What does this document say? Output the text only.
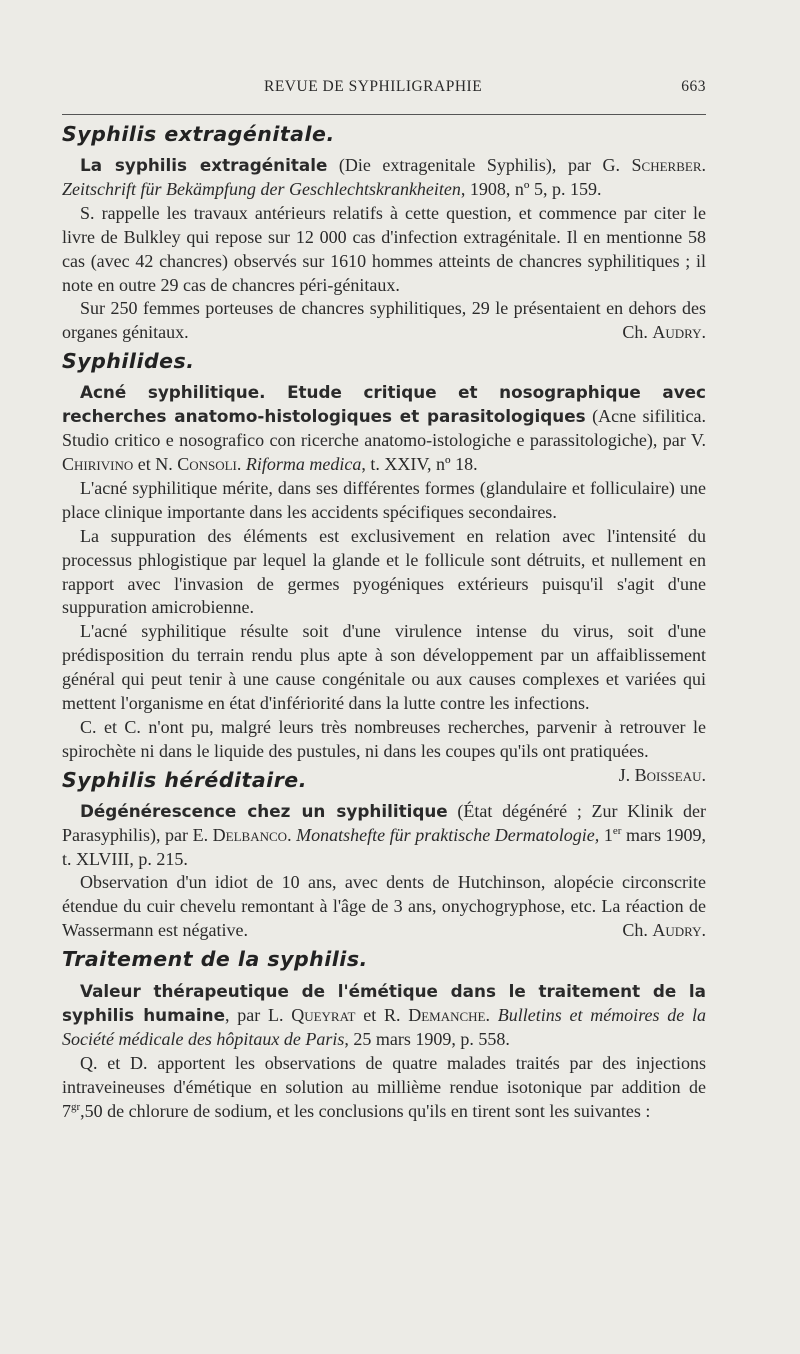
REVUE DE SYPHILIGRAPHIE	663
Syphilis extragénitale.

La syphilis extragénitale (Die extragenitale Syphilis), par G. Scherber. Zeitschrift für Bekämpfung der Geschlechtskrankheiten, 1908, nº 5, p. 159.

S. rappelle les travaux antérieurs relatifs à cette question, et commence par citer le livre de Bulkley qui repose sur 12 000 cas d'infection extragénitale. Il en mentionne 58 cas (avec 42 chancres) observés sur 1610 hommes atteints de chancres syphilitiques ; il note en outre 29 cas de chancres péri-génitaux.

Sur 250 femmes porteuses de chancres syphilitiques, 29 le présentaient en dehors des organes génitaux.	Ch. Audry.

Syphilides.

Acné syphilitique. Etude critique et nosographique avec recherches anatomo-histologiques et parasitologiques (Acne sifilitica. Studio critico e nosografico con ricerche anatomo-istologiche e parassitologiche), par V. Chirivino et N. Consoli. Riforma medica, t. XXIV, nº 18.

L'acné syphilitique mérite, dans ses différentes formes (glandulaire et folliculaire) une place clinique importante dans les accidents spécifiques secondaires.

La suppuration des éléments est exclusivement en relation avec l'intensité du processus phlogistique par lequel la glande et le follicule sont détruits, et nullement en rapport avec l'invasion de germes pyogéniques extérieurs puisqu'il s'agit d'une suppuration amicrobienne.

L'acné syphilitique résulte soit d'une virulence intense du virus, soit d'une prédisposition du terrain rendu plus apte à son développement par un affaiblissement général qui peut tenir à une cause congénitale ou aux causes complexes et variées qui mettent l'organisme en état d'infériorité dans la lutte contre les infections.

C. et C. n'ont pu, malgré leurs très nombreuses recherches, parvenir à retrouver le spirochète ni dans le liquide des pustules, ni dans les coupes qu'ils ont pratiquées.
J. Boisseau.

Syphilis héréditaire.

Dégénérescence chez un syphilitique (État dégénéré ; Zur Klinik der Parasyphilis), par E. Delbanco. Monatshefte für praktische Dermatologie, 1er mars 1909, t. XLVIII, p. 215.

Observation d'un idiot de 10 ans, avec dents de Hutchinson, alopécie circonscrite étendue du cuir chevelu remontant à l'âge de 3 ans, onychogryphose, etc. La réaction de Wassermann est négative.	Ch. Audry.

Traitement de la syphilis.

Valeur thérapeutique de l'émétique dans le traitement de la syphilis humaine, par L. Queyrat et R. Demanche. Bulletins et mémoires de la Société médicale des hôpitaux de Paris, 25 mars 1909, p. 558.

Q. et D. apportent les observations de quatre malades traités par des injections intraveineuses d'émétique en solution au millième rendue isotonique par addition de $7^{gr},50$ de chlorure de sodium, et les conclusions qu'ils en tirent sont les suivantes :
